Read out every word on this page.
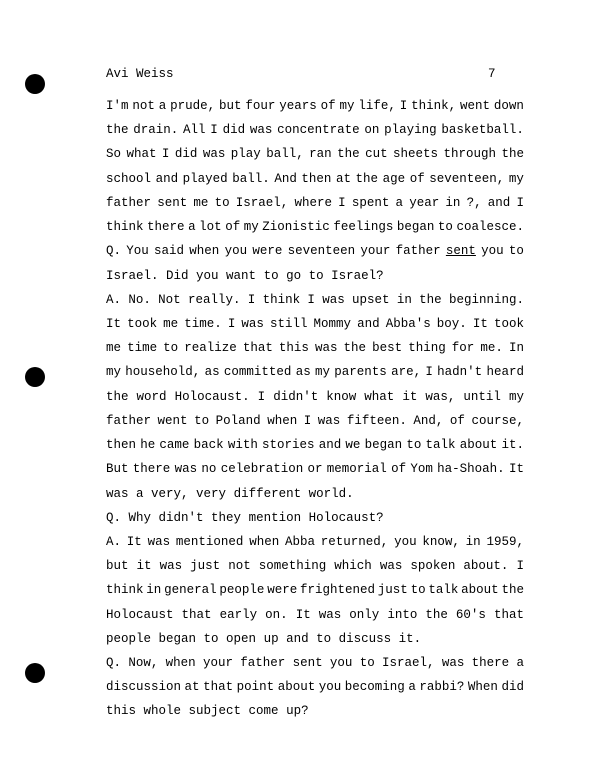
Avi Weiss	7
I'm not a prude, but four years of my life, I think, went down
the drain. All I did was concentrate on playing basketball.
So what I did was play ball, ran the cut sheets through the
school and played ball. And then at the age of seventeen, my
father sent me to Israel, where I spent a year in ?, and I
think there a lot of my Zionistic feelings began to coalesce.
Q. You said when you were seventeen your father sent you to
Israel. Did you want to go to Israel?
A. No. Not really. I think I was upset in the beginning.
It took me time. I was still Mommy and Abba's boy. It took
me time to realize that this was the best thing for me. In
my household, as committed as my parents are, I hadn't heard
the word Holocaust. I didn't know what it was, until my
father went to Poland when I was fifteen. And, of course,
then he came back with stories and we began to talk about it.
But there was no celebration or memorial of Yom ha-Shoah. It
was a very, very different world.
Q. Why didn't they mention Holocaust?
A. It was mentioned when Abba returned, you know, in 1959,
but it was just not something which was spoken about. I
think in general people were frightened just to talk about the
Holocaust that early on. It was only into the 60's that
people began to open up and to discuss it.
Q. Now, when your father sent you to Israel, was there a
discussion at that point about you becoming a rabbi? When did
this whole subject come up?
